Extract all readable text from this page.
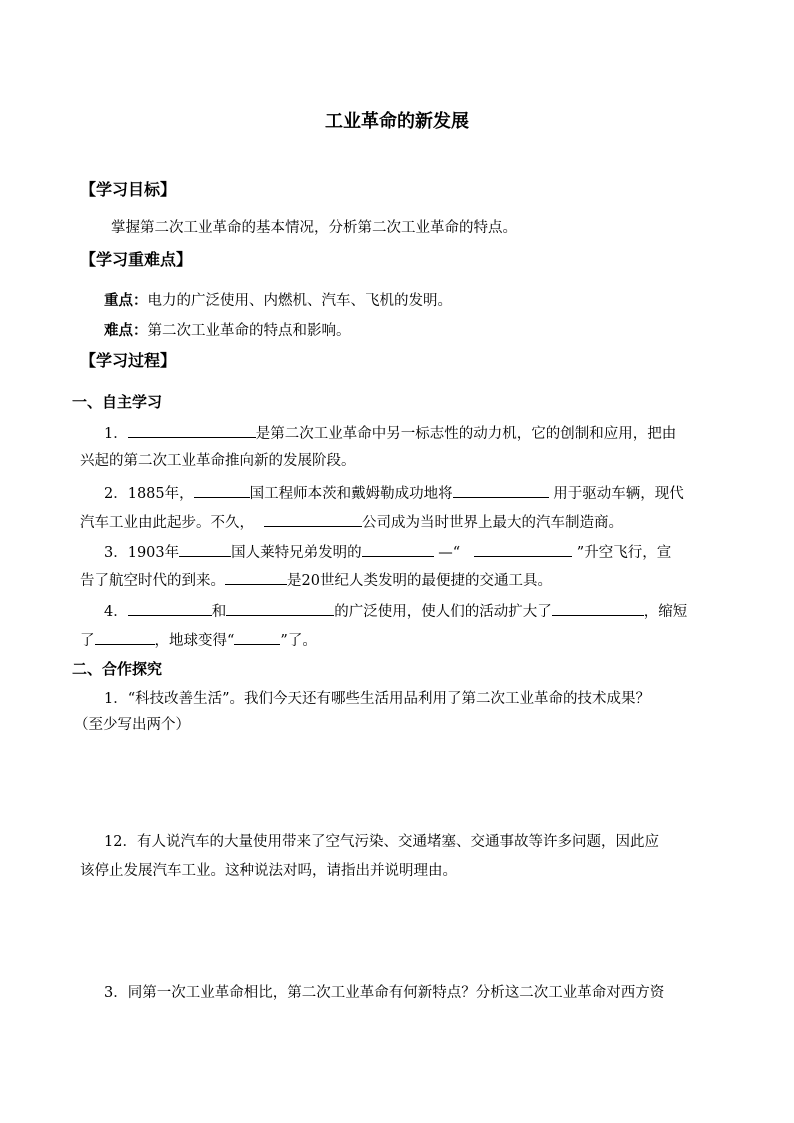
工业革命的新发展
【学习目标】
掌握第二次工业革命的基本情况，分析第二次工业革命的特点。
【学习重难点】
重点：电力的广泛使用、内燃机、汽车、飞机的发明。
难点：第二次工业革命的特点和影响。
【学习过程】
一、自主学习
1．	是第二次工业革命中另一标志性的动力机，它的创制和应用，把由
兴起的第二次工业革命推向新的发展阶段。
2．1885年，	国工程师本茨和戴姆勒成功地将	用于驱动车辆，现代
汽车工业由此起步。不久，	公司成为当时世界上最大的汽车制造商。
3．1903年	国人莱特兄弟发明的	—“	”升空飞行，宣
告了航空时代的到来。	是20世纪人类发明的最便捷的交通工具。
4．	和	的广泛使用，使人们的活动扩大了	，缩短
了	，地球变得“	”了。
二、合作探究
1．“科技改善生活”。我们今天还有哪些生活用品利用了第二次工业革命的技术成果？
（至少写出两个）
12．有人说汽车的大量使用带来了空气污染、交通堵塞、交通事故等许多问题，因此应
该停止发展汽车工业。这种说法对吗，请指出并说明理由。
3．同第一次工业革命相比，第二次工业革命有何新特点？分析这二次工业革命对西方资
